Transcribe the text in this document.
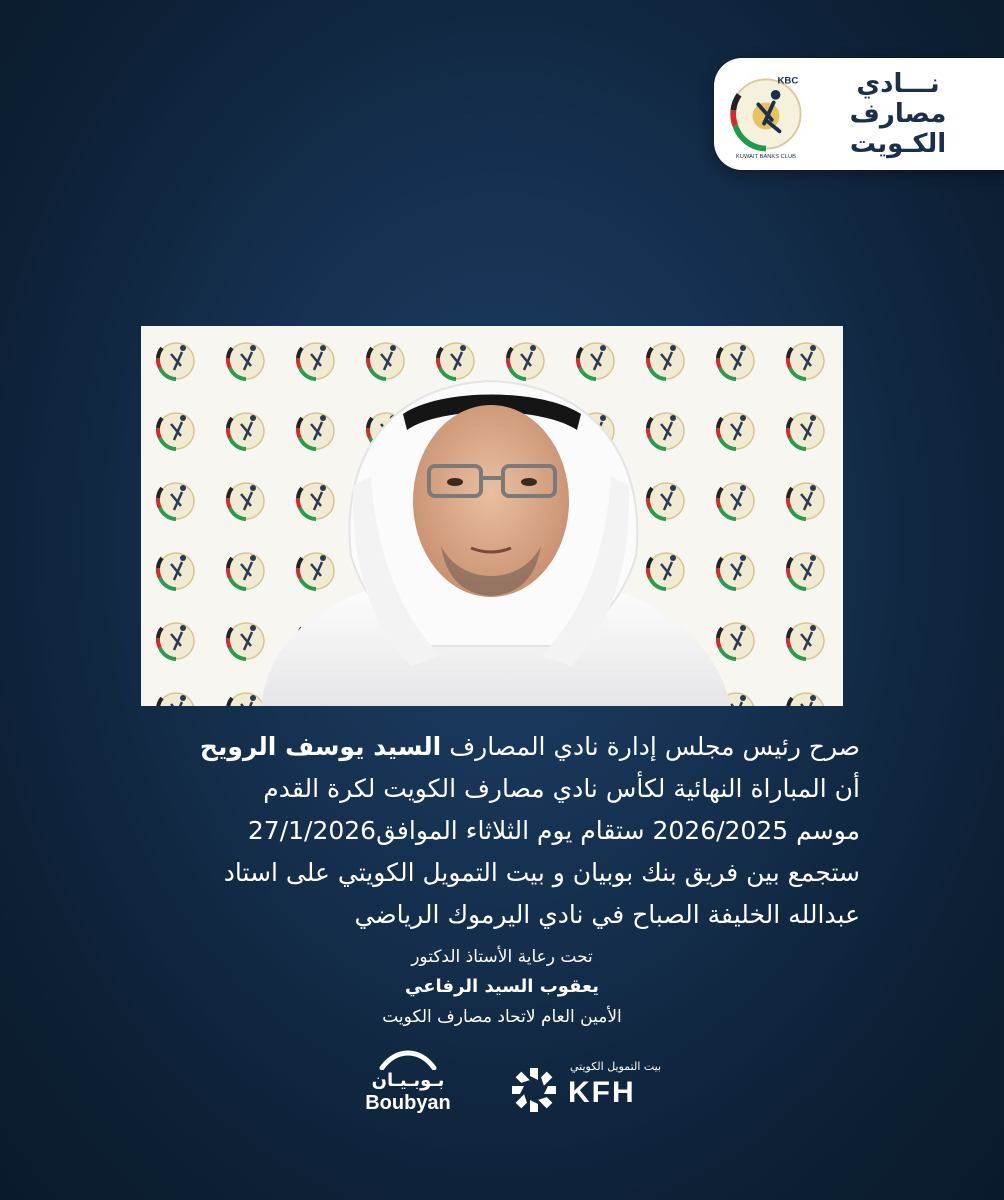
KBC
KUWAIT BANKS CLUB
نـــادي
مصارف
الكـويت
صرح رئيس مجلس إدارة نادي المصارف السيد يوسف الرويح
أن المباراة النهائية لكأس نادي مصارف الكويت لكرة القدم
موسم 2026/2025 ستقام يوم الثلاثاء الموافق27/1/2026
ستجمع بين فريق بنك بوبيان و بيت التمويل الكويتي على استاد
عبدالله الخليفة الصباح في نادي اليرموك الرياضي
تحت رعاية الأستاذ الدكتور
يعقوب السيد الرفاعي
الأمين العام لاتحاد مصارف الكويت
بيت التمويل الكويتي
KFH
بـوبـيـان
Boubyan
